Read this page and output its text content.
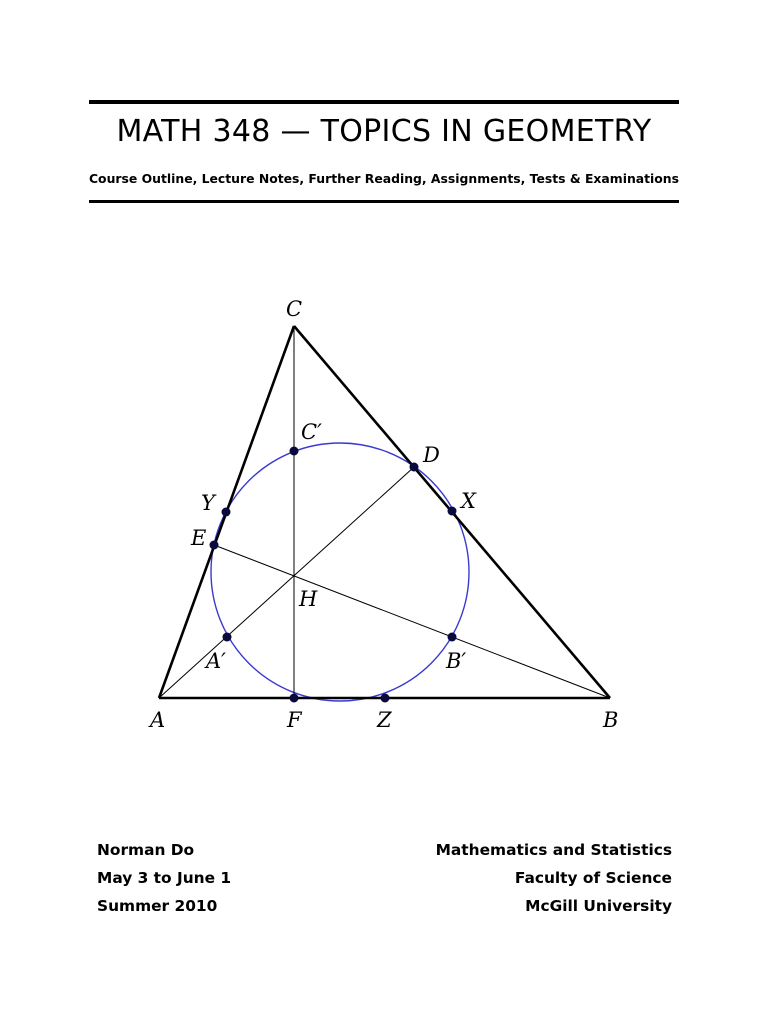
MATH 348 — TOPICS IN GEOMETRY
Course Outline, Lecture Notes, Further Reading, Assignments, Tests & Examinations
C
C′
D
X
Y
E
H
A′	B′
A	F	Z	B
Norman Do
May 3 to June 1
Summer 2010
Mathematics and Statistics
Faculty of Science
McGill University
